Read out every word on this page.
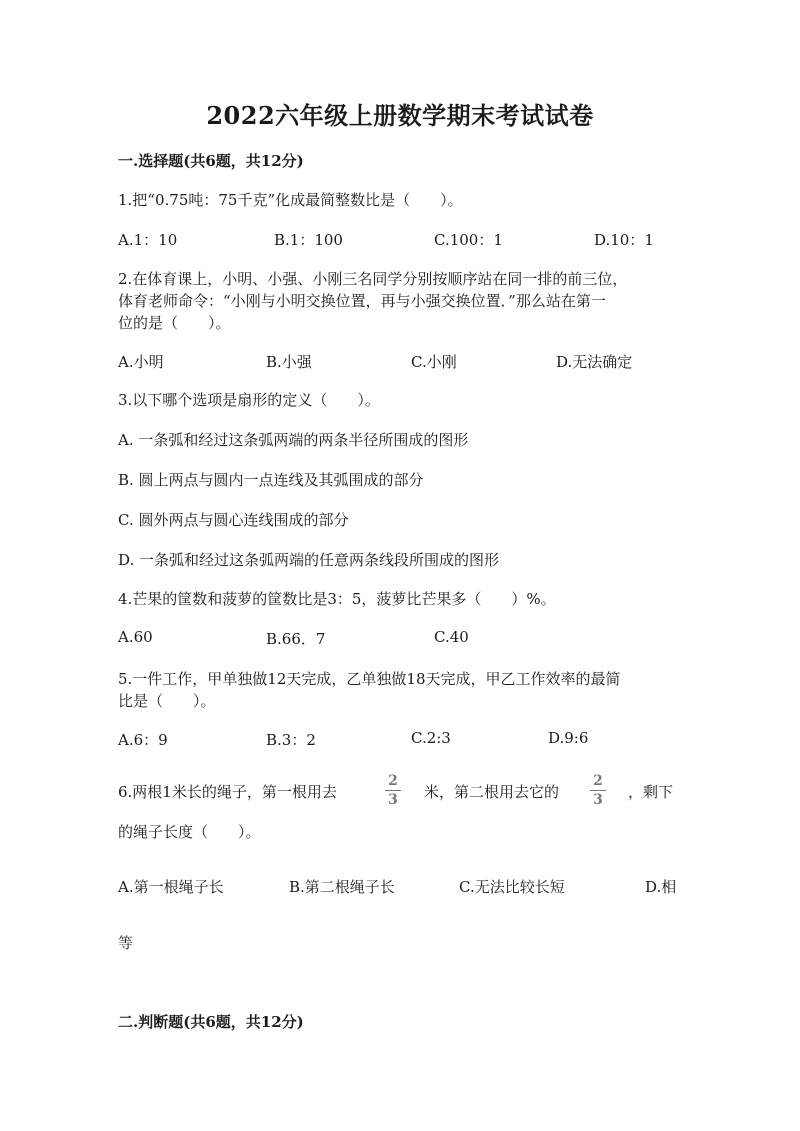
2022六年级上册数学期末考试试卷
一.选择题(共6题，共12分)
1.把“0.75吨：75千克”化成最简整数比是（　　）。
A.1：10	B.1：100	C.100：1	D.10：1
2.在体育课上，小明、小强、小刚三名同学分别按顺序站在同一排的前三位，
体育老师命令：“小刚与小明交换位置，再与小强交换位置．”那么站在第一
位的是（　　）。
A.小明	B.小强	C.小刚	D.无法确定
3.以下哪个选项是扇形的定义（　　）。
A. 一条弧和经过这条弧两端的两条半径所围成的图形
B. 圆上两点与圆内一点连线及其弧围成的部分
C. 圆外两点与圆心连线围成的部分
D. 一条弧和经过这条弧两端的任意两条线段所围成的图形
4.芒果的筐数和菠萝的筐数比是3：5，菠萝比芒果多（　　）%。
A.60	B.66．7	C.40
5.一件工作，甲单独做12天完成，乙单独做18天完成，甲乙工作效率的最简
比是（　　）。
A.6：9	B.3：2	C.2:3	D.9:6
6.两根1米长的绳子，第一根用去
2
3 米，第二根用去它的
2
3 ，剩下
的绳子长度（　　）。
A.第一根绳子长	B.第二根绳子长	C.无法比较长短	D.相
等
二.判断题(共6题，共12分)
